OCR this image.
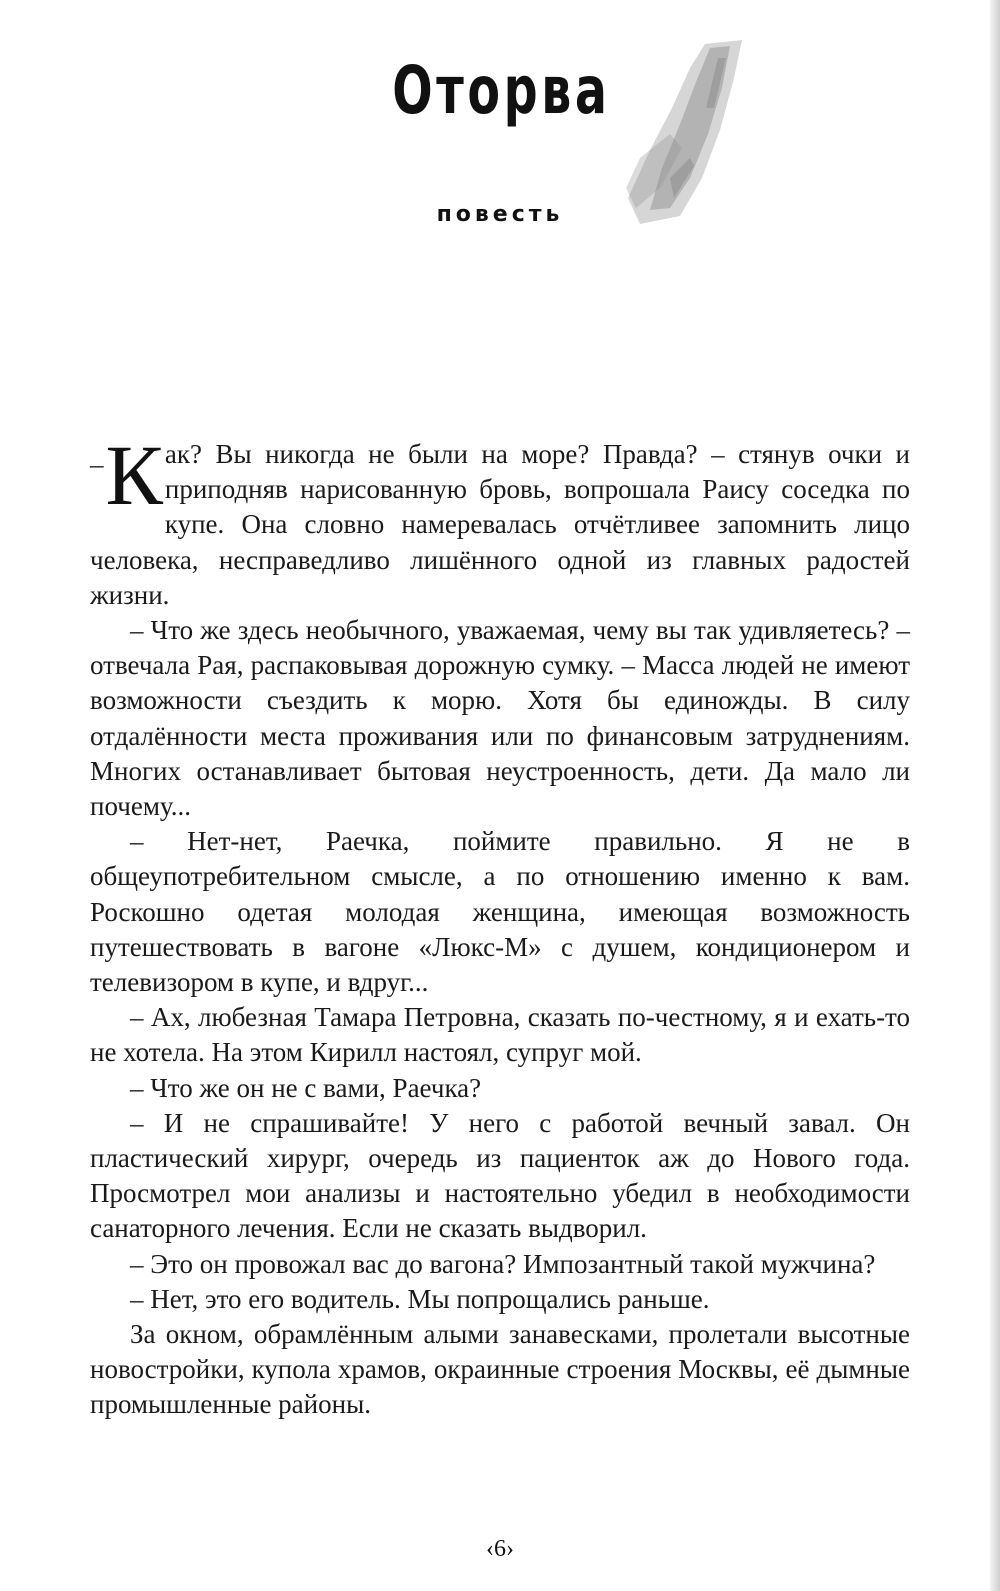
Оторва
повесть

– К ак? Вы никогда не были на море? Правда? – стянув очки и приподняв нарисованную бровь, вопрошала Раису соседка по купе. Она словно намеревалась отчётливее запомнить лицо человека, несправедливо лишённого одной из главных радостей жизни.

– Что же здесь необычного, уважаемая, чему вы так удивляетесь? – отвечала Рая, распаковывая дорожную сумку. – Масса людей не имеют возможности съездить к морю. Хотя бы единожды. В силу отдалённости места проживания или по финансовым затруднениям. Многих останавливает бытовая неустроенность, дети. Да мало ли почему...

– Нет-нет, Раечка, поймите правильно. Я не в общеупотребительном смысле, а по отношению именно к вам. Роскошно одетая молодая женщина, имеющая возможность путешествовать в вагоне «Люкс-М» с душем, кондиционером и телевизором в купе, и вдруг...

– Ах, любезная Тамара Петровна, сказать по-честному, я и ехать-то не хотела. На этом Кирилл настоял, супруг мой.

– Что же он не с вами, Раечка?

– И не спрашивайте! У него с работой вечный завал. Он пластический хирург, очередь из пациенток аж до Нового года. Просмотрел мои анализы и настоятельно убедил в необходимости санаторного лечения. Если не сказать выдворил.

– Это он провожал вас до вагона? Импозантный такой мужчина?

– Нет, это его водитель. Мы попрощались раньше.

За окном, обрамлённым алыми занавесками, пролетали высотные новостройки, купола храмов, окраинные строения Москвы, её дымные промышленные районы.

‹6›
